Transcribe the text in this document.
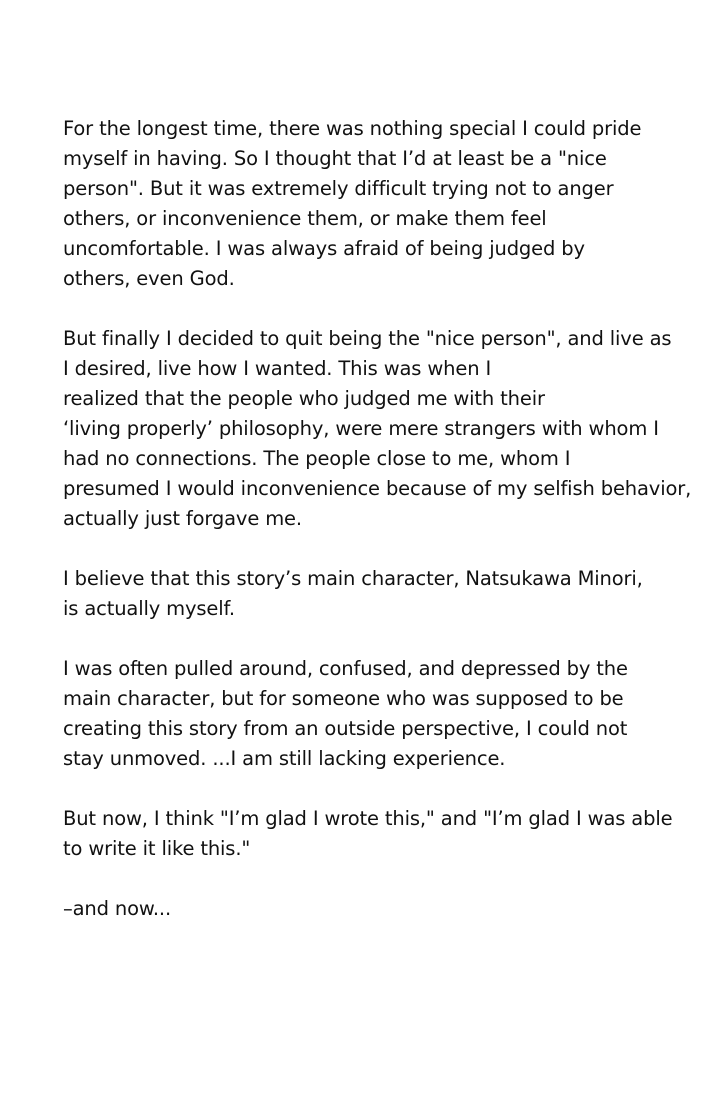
For the longest time, there was nothing special I could pride
myself in having. So I thought that I’d at least be a "nice
person". But it was extremely difficult trying not to anger
others, or inconvenience them, or make them feel
uncomfortable. I was always afraid of being judged by
others, even God.

But finally I decided to quit being the "nice person", and live as
I desired, live how I wanted. This was when I
realized that the people who judged me with their
‘living properly’ philosophy, were mere strangers with whom I
had no connections. The people close to me, whom I
presumed I would inconvenience because of my selfish behavior,
actually just forgave me.

I believe that this story’s main character, Natsukawa Minori,
is actually myself.

I was often pulled around, confused, and depressed by the
main character, but for someone who was supposed to be
creating this story from an outside perspective, I could not
stay unmoved. ...I am still lacking experience.

But now, I think "I’m glad I wrote this," and "I’m glad I was able
to write it like this."

–and now...
